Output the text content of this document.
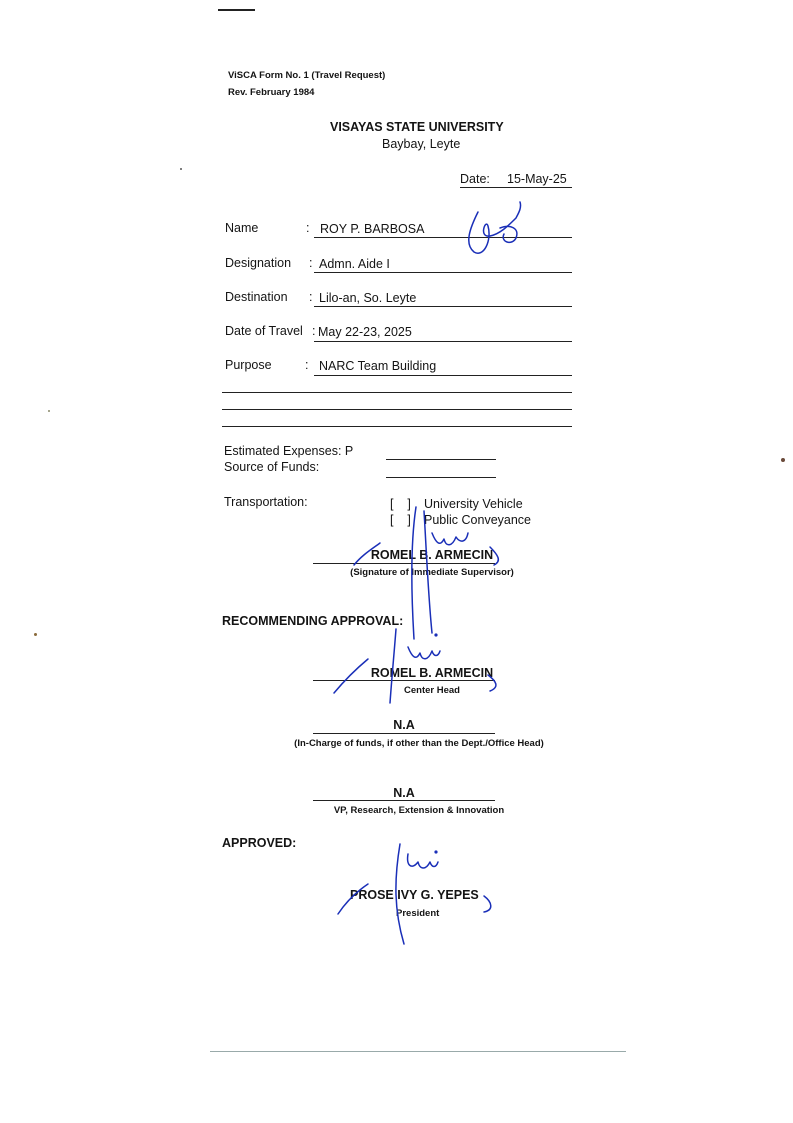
ViSCA Form No. 1 (Travel Request)
Rev. February 1984
VISAYAS STATE UNIVERSITY
Baybay, Leyte
Date: 15-May-25
Name	: ROY P. BARBOSA
Designation : Admn. Aide I
Destination : Lilo-an, So. Leyte
Date of Travel : May 22-23, 2025
Purpose	: NARC Team Building
Estimated Expenses: P
Source of Funds:
Transportation:	[    ] University Vehicle
[    ] Public Conveyance
ROMEL B. ARMECIN
(Signature of Immediate Supervisor)
RECOMMENDING APPROVAL:
ROMEL B. ARMECIN
Center Head
N.A
(In-Charge of funds, if other than the Dept./Office Head)
N.A
VP, Research, Extension & Innovation
APPROVED:
PROSE IVY G. YEPES
President
